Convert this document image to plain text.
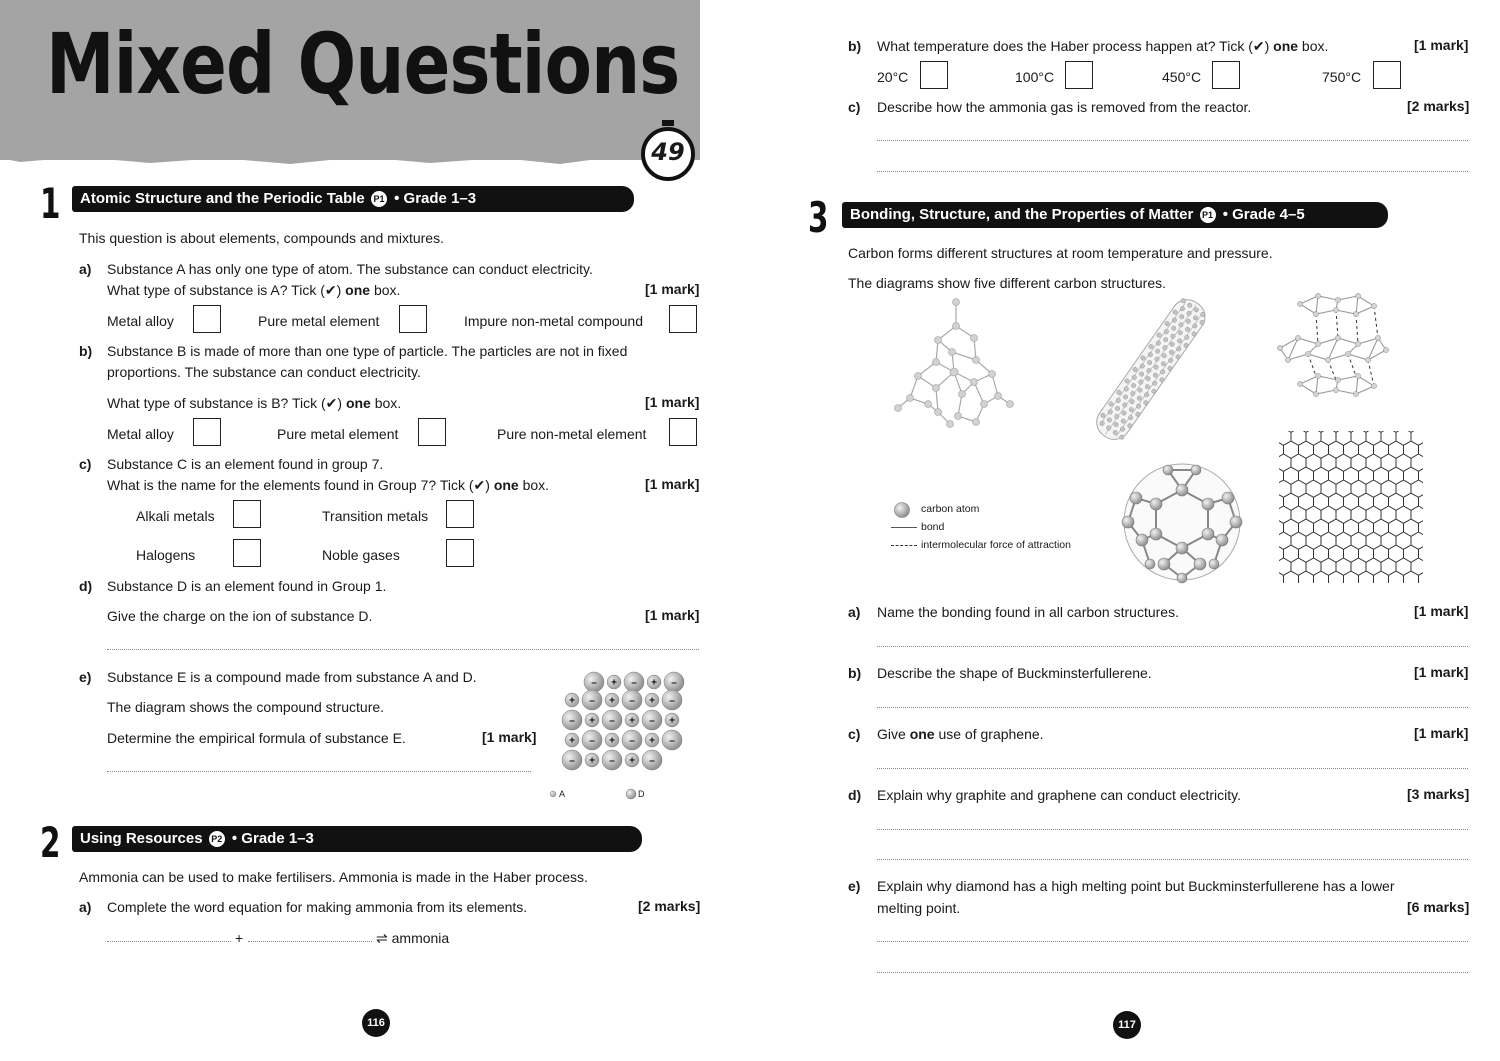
Mixed Questions
49
1	Atomic Structure and the Periodic Table P1 • Grade 1–3
This question is about elements, compounds and mixtures.
a) Substance A has only one type of atom. The substance can conduct electricity.
What type of substance is A? Tick (✔) one box.	[1 mark]
Metal alloy	Pure metal element	Impure non-metal compound
b) Substance B is made of more than one type of particle. The particles are not in fixed
proportions. The substance can conduct electricity.
What type of substance is B? Tick (✔) one box.	[1 mark]
Metal alloy	Pure metal element	Pure non-metal element
c) Substance C is an element found in group 7.
What is the name for the elements found in Group 7? Tick (✔) one box.	[1 mark]
Alkali metals	Transition metals
Halogens	Noble gases
d) Substance D is an element found in Group 1.
Give the charge on the ion of substance D.	[1 mark]
e) Substance E is a compound made from substance A and D.
The diagram shows the compound structure.
Determine the empirical formula of substance E.	[1 mark]
– + – + –
+ – + – + –
– + – + – +
+ – + – + –
– + – + –
A	D
2	Using Resources P2 • Grade 1–3
Ammonia can be used to make fertilisers. Ammonia is made in the Haber process.
a) Complete the word equation for making ammonia from its elements.	[2 marks]
+	⇌ ammonia
116
b) What temperature does the Haber process happen at? Tick (✔) one box.	[1 mark]
20°C	100°C	450°C	750°C
c) Describe how the ammonia gas is removed from the reactor.	[2 marks]
3	Bonding, Structure, and the Properties of Matter P1 • Grade 4–5
Carbon forms different structures at room temperature and pressure.
The diagrams show five different carbon structures.
carbon atom
bond
intermolecular force of attraction
a) Name the bonding found in all carbon structures.	[1 mark]
b) Describe the shape of Buckminsterfullerene.	[1 mark]
c) Give one use of graphene.	[1 mark]
d) Explain why graphite and graphene can conduct electricity.	[3 marks]
e) Explain why diamond has a high melting point but Buckminsterfullerene has a lower
melting point.	[6 marks]
117
